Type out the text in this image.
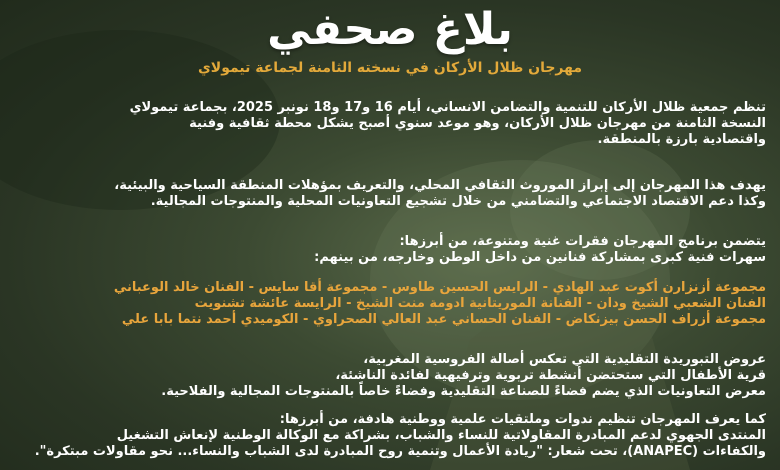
بلاغ صحفي
مهرجان ظلال الأركان في نسخته الثامنة لجماعة تيمولاي

تنظم جمعية ظلال الأركان للتنمية والتضامن الانساني، أيام 16 و17 و18 نونبر 2025، بجماعة تيمولاي

النسخة الثامنة من مهرجان ظلال الأركان، وهو موعد سنوي أصبح يشكل محطة ثقافية وفنية

واقتصادية بارزة بالمنطقة.

يهدف هذا المهرجان إلى إبراز الموروث الثقافي المحلي، والتعريف بمؤهلات المنطقة السياحية والبيئية،

وكذا دعم الاقتصاد الاجتماعي والتضامني من خلال تشجيع التعاونيات المحلية والمنتوجات المجالية.

يتضمن برنامج المهرجان فقرات غنية ومتنوعة، من أبرزها:

سهرات فنية كبرى بمشاركة فنانين من داخل الوطن وخارجه، من بينهم:

مجموعة أزنزارن أكوت عبد الهادي - الرايس الحسين طاوس - مجموعة أقا سايس - الفنان خالد الوعباني

الفنان الشعبي الشيخ ودان - الفنانة الموريتانية ادومة منت الشيخ - الرايسة عائشة تشنويت

مجموعة أزراف الحسن بيزنكاض - الفنان الحساني عبد العالي الصحراوي - الكوميدي أحمد نتما بابا علي

عروض التبوريدة التقليدية التي تعكس أصالة الفروسية المغربية،

قرية الأطفال التي ستحتضن أنشطة تربوية وترفيهية لفائدة الناشئة،

معرض التعاونيات الذي يضم فضاءً للصناعة التقليدية وفضاءً خاصاً بالمنتوجات المجالية والفلاحية.

كما يعرف المهرجان تنظيم ندوات وملتقيات علمية ووطنية هادفة، من أبرزها:

المنتدى الجهوي لدعم المبادرة المقاولاتية للنساء والشباب، بشراكة مع الوكالة الوطنية لإنعاش التشغيل

والكفاءات (ANAPEC)، تحت شعار: "ريادة الأعمال وتنمية روح المبادرة لدى الشباب والنساء... نحو مقاولات مبتكرة".
